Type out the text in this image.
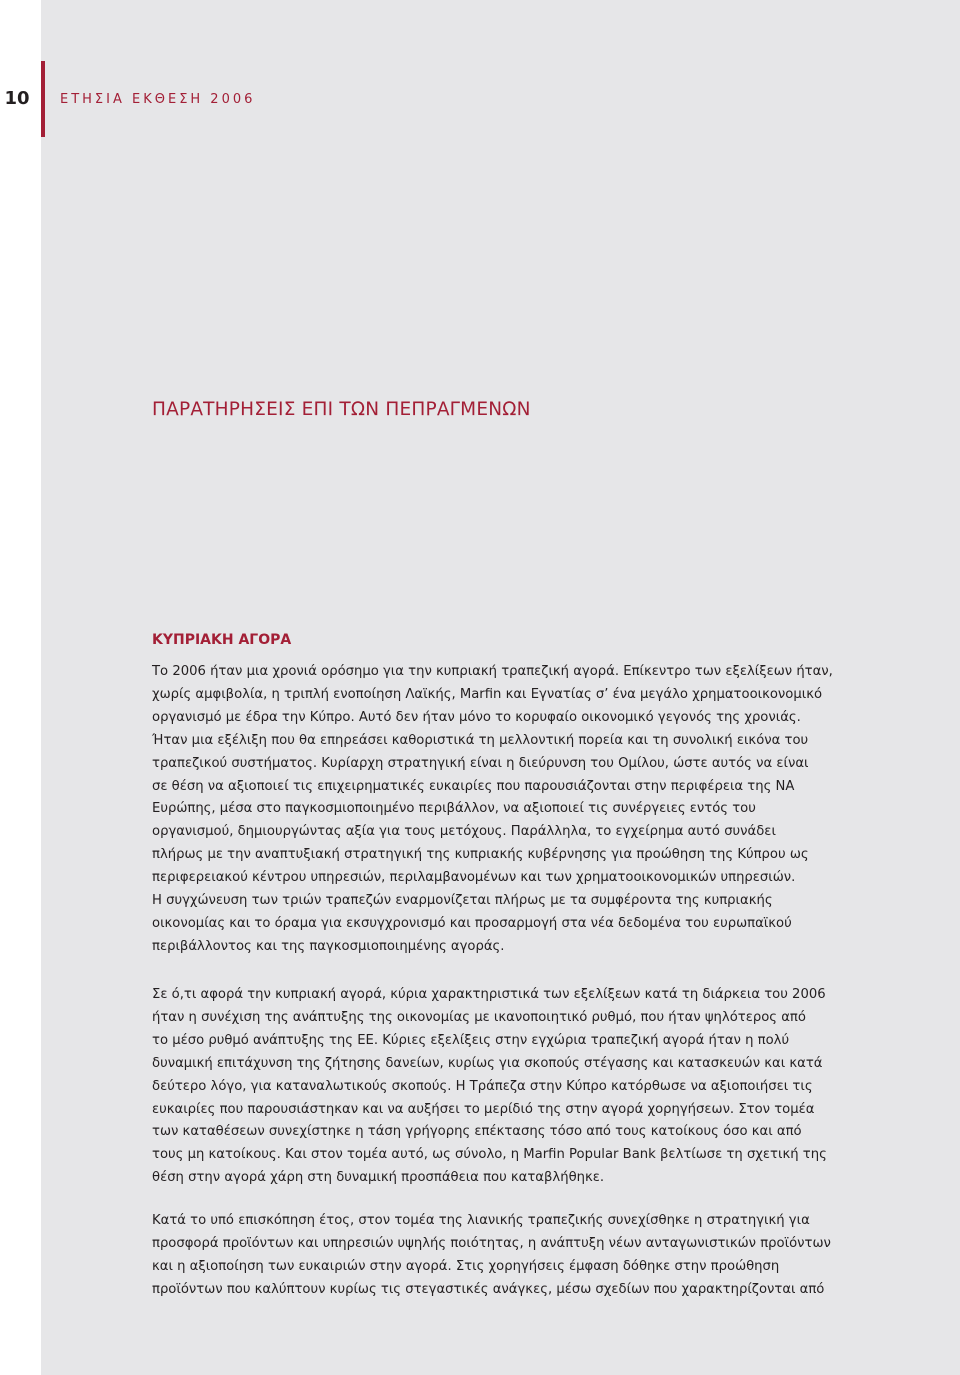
10	ΕΤΗΣΙΑ ΕΚΘΕΣΗ 2006
ΠΑΡΑΤΗΡΗΣΕΙΣ ΕΠΙ ΤΩΝ ΠΕΠΡΑΓΜΕΝΩΝ
ΚΥΠΡΙΑΚΗ ΑΓΟΡΑ
Το 2006 ήταν μια χρονιά ορόσημο για την κυπριακή τραπεζική αγορά. Επίκεντρο των εξελίξεων ήταν,
χωρίς αμφιβολία, η τριπλή ενοποίηση Λαϊκής, Marfin και Εγνατίας σ’ ένα μεγάλο χρηματοοικονομικό
οργανισμό με έδρα την Κύπρο. Αυτό δεν ήταν μόνο το κορυφαίο οικονομικό γεγονός της χρονιάς.
Ήταν μια εξέλιξη που θα επηρεάσει καθοριστικά τη μελλοντική πορεία και τη συνολική εικόνα του
τραπεζικού συστήματος. Κυρίαρχη στρατηγική είναι η διεύρυνση του Ομίλου, ώστε αυτός να είναι
σε θέση να αξιοποιεί τις επιχειρηματικές ευκαιρίες που παρουσιάζονται στην περιφέρεια της ΝΑ
Ευρώπης, μέσα στο παγκοσμιοποιημένο περιβάλλον, να αξιοποιεί τις συνέργειες εντός του
οργανισμού, δημιουργώντας αξία για τους μετόχους. Παράλληλα, το εγχείρημα αυτό συνάδει
πλήρως με την αναπτυξιακή στρατηγική της κυπριακής κυβέρνησης για προώθηση της Κύπρου ως
περιφερειακού κέντρου υπηρεσιών, περιλαμβανομένων και των χρηματοοικονομικών υπηρεσιών.
Η συγχώνευση των τριών τραπεζών εναρμονίζεται πλήρως με τα συμφέροντα της κυπριακής
οικονομίας και το όραμα για εκσυγχρονισμό και προσαρμογή στα νέα δεδομένα του ευρωπαϊκού
περιβάλλοντος και της παγκοσμιοποιημένης αγοράς.
Σε ό,τι αφορά την κυπριακή αγορά, κύρια χαρακτηριστικά των εξελίξεων κατά τη διάρκεια του 2006
ήταν η συνέχιση της ανάπτυξης της οικονομίας με ικανοποιητικό ρυθμό, που ήταν ψηλότερος από
το μέσο ρυθμό ανάπτυξης της ΕΕ. Κύριες εξελίξεις στην εγχώρια τραπεζική αγορά ήταν η πολύ
δυναμική επιτάχυνση της ζήτησης δανείων, κυρίως για σκοπούς στέγασης και κατασκευών και κατά
δεύτερο λόγο, για καταναλωτικούς σκοπούς. Η Τράπεζα στην Κύπρο κατόρθωσε να αξιοποιήσει τις
ευκαιρίες που παρουσιάστηκαν και να αυξήσει το μερίδιό της στην αγορά χορηγήσεων. Στον τομέα
των καταθέσεων συνεχίστηκε η τάση γρήγορης επέκτασης τόσο από τους κατοίκους όσο και από
τους μη κατοίκους. Και στον τομέα αυτό, ως σύνολο, η Marfin Popular Bank βελτίωσε τη σχετική της
θέση στην αγορά χάρη στη δυναμική προσπάθεια που καταβλήθηκε.
Κατά το υπό επισκόπηση έτος, στον τομέα της λιανικής τραπεζικής συνεχίσθηκε η στρατηγική για
προσφορά προϊόντων και υπηρεσιών υψηλής ποιότητας, η ανάπτυξη νέων ανταγωνιστικών προϊόντων
και η αξιοποίηση των ευκαιριών στην αγορά. Στις χορηγήσεις έμφαση δόθηκε στην προώθηση
προϊόντων που καλύπτουν κυρίως τις στεγαστικές ανάγκες, μέσω σχεδίων που χαρακτηρίζονται από
